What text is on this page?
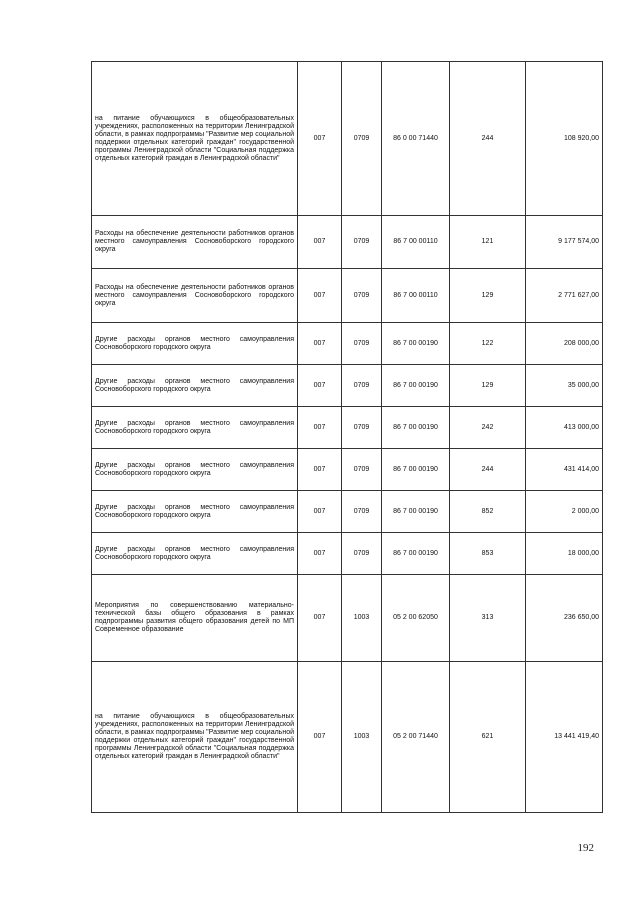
на питание обучающихся в общеобразовательных учреждениях, расположенных на территории Ленинградской области, в рамках подпрограммы "Развитие мер социальной поддержки отдельных категорий граждан" государственной программы Ленинградской области "Социальная поддержка отдельных категорий граждан в Ленинградской области"	007	0709	86 0 00 71440	244	108 920,00
Расходы на обеспечение деятельности работников органов местного самоуправления Сосновоборского городского округа	007	0709	86 7 00 00110	121	9 177 574,00
Расходы на обеспечение деятельности работников органов местного самоуправления Сосновоборского городского округа	007	0709	86 7 00 00110	129	2 771 627,00
Другие расходы органов местного самоуправления Сосновоборского городского округа	007	0709	86 7 00 00190	122	208 000,00
Другие расходы органов местного самоуправления Сосновоборского городского округа	007	0709	86 7 00 00190	129	35 000,00
Другие расходы органов местного самоуправления Сосновоборского городского округа	007	0709	86 7 00 00190	242	413 000,00
Другие расходы органов местного самоуправления Сосновоборского городского округа	007	0709	86 7 00 00190	244	431 414,00
Другие расходы органов местного самоуправления Сосновоборского городского округа	007	0709	86 7 00 00190	852	2 000,00
Другие расходы органов местного самоуправления Сосновоборского городского округа	007	0709	86 7 00 00190	853	18 000,00
Мероприятия по совершенствованию материально-технической базы общего образования в рамках подпрограммы развития общего образования детей по МП Современное образование	007	1003	05 2 00 62050	313	236 650,00
на питание обучающихся в общеобразовательных учреждениях, расположенных на территории Ленинградской области, в рамках подпрограммы "Развитие мер социальной поддержки отдельных категорий граждан" государственной программы Ленинградской области "Социальная поддержка отдельных категорий граждан в Ленинградской области"	007	1003	05 2 00 71440	621	13 441 419,40
192
